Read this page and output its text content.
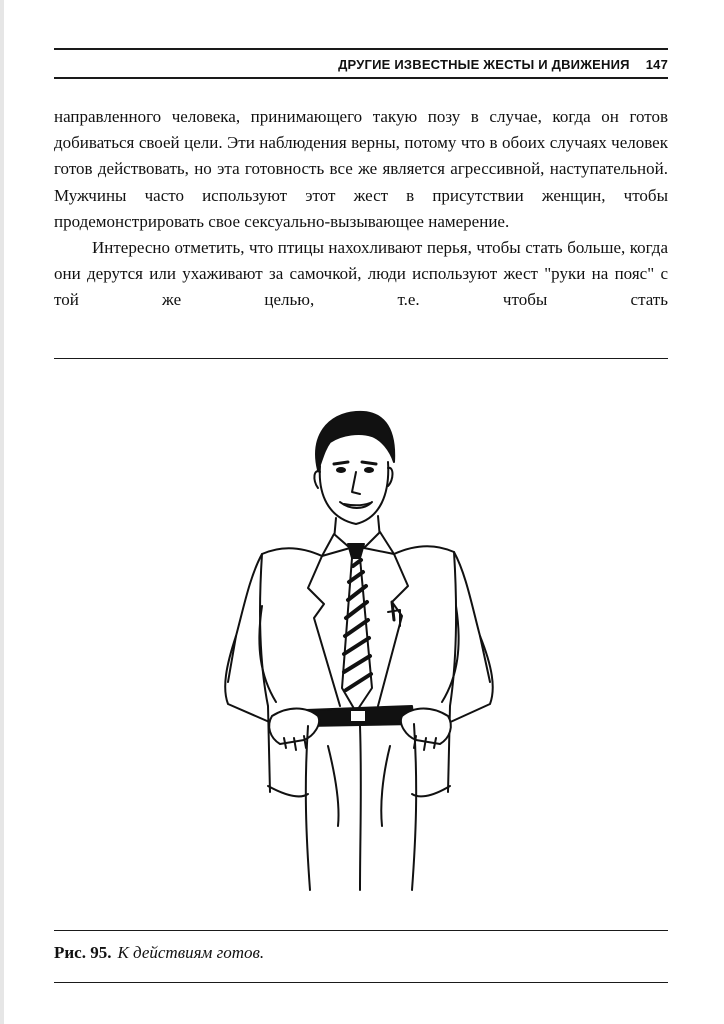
ДРУГИЕ ИЗВЕСТНЫЕ ЖЕСТЫ И ДВИЖЕНИЯ 147

направленного человека, принимающего такую позу в случае, когда он готов добиваться своей цели. Эти наблюдения верны, потому что в обоих случаях человек готов действовать, но эта готовность все же является агрессивной, наступательной. Мужчины часто используют этот жест в присутствии женщин, чтобы продемонстрировать свое сексуально-вызывающее намерение.

Интересно отметить, что птицы нахохливают перья, чтобы стать больше, когда они дерутся или ухаживают за самочкой, люди используют жест "руки на пояс" с той же целью, т.е. чтобы стать

Рис. 95. К действиям готов.
